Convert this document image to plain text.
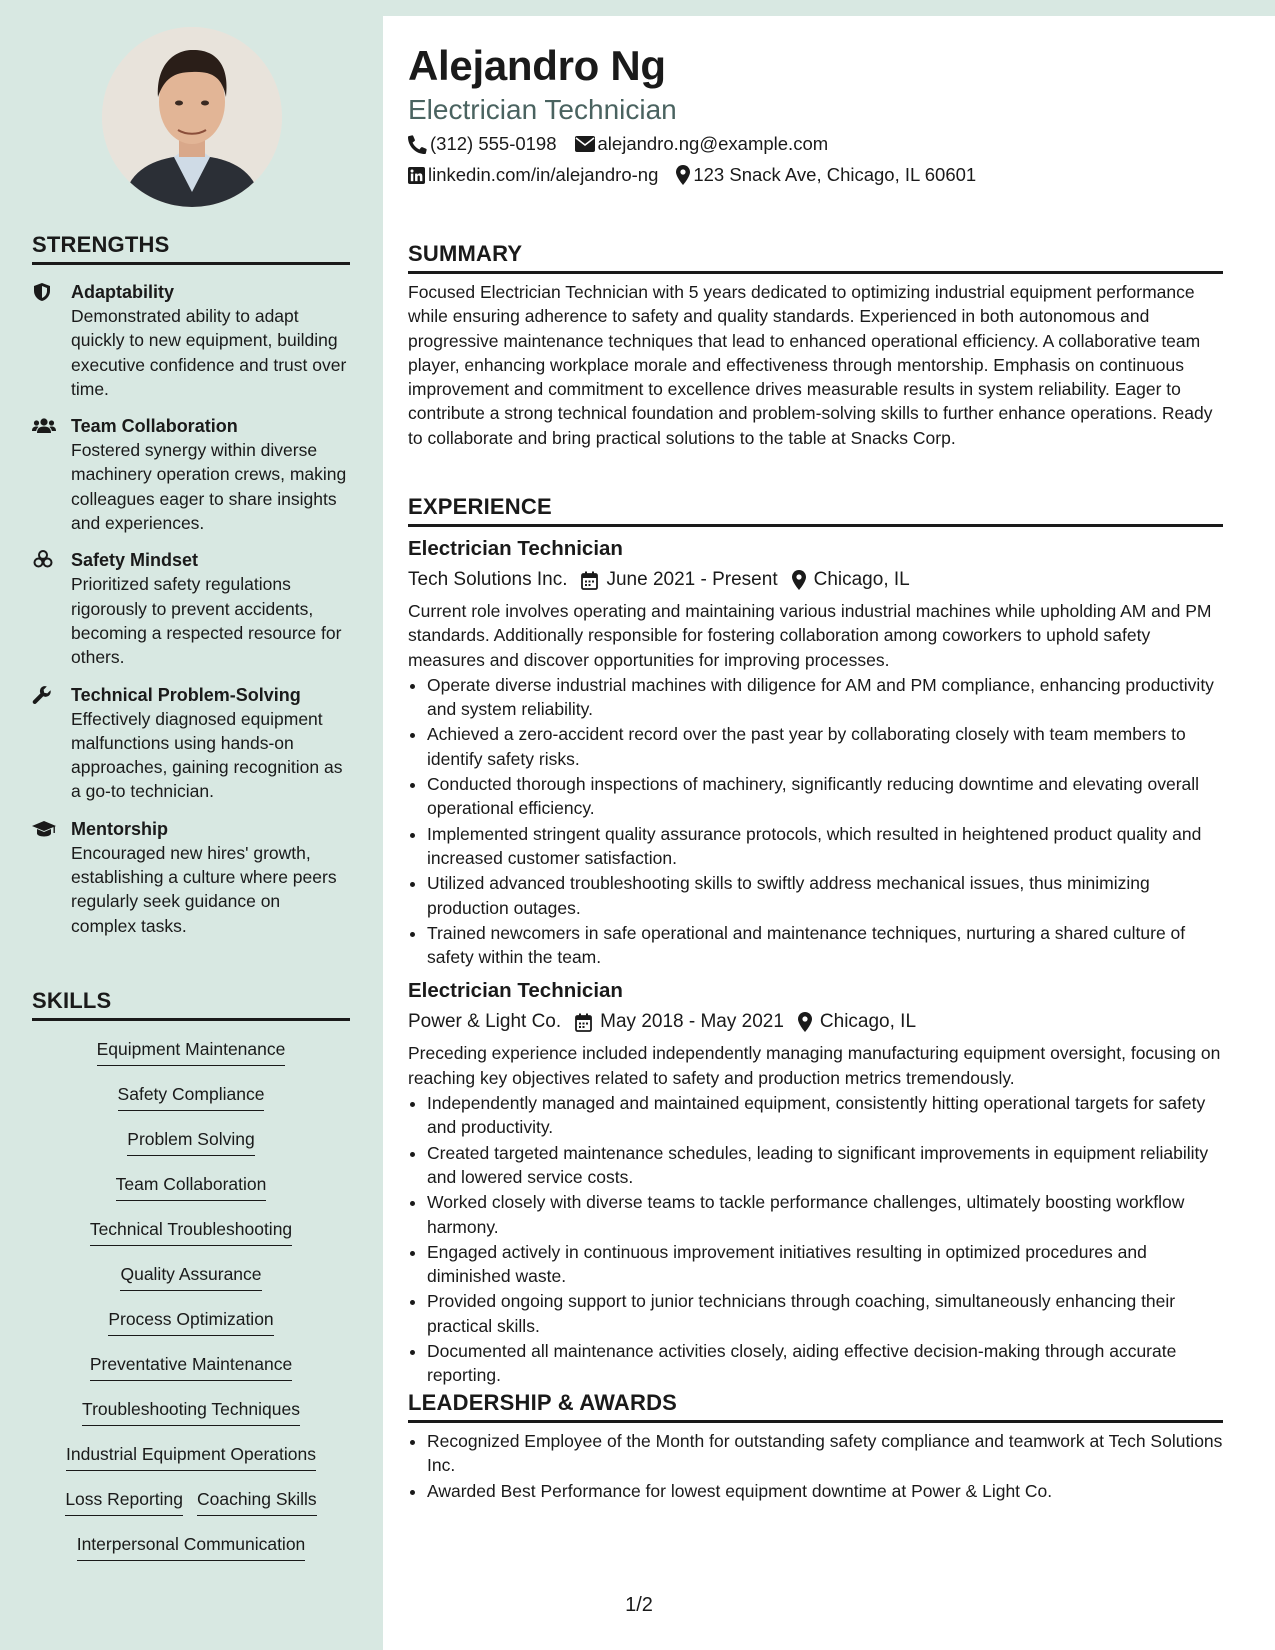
STRENGTHS
Adaptability
Demonstrated ability to adapt quickly to new equipment, building executive confidence and trust over time.
Team Collaboration
Fostered synergy within diverse machinery operation crews, making colleagues eager to share insights and experiences.
Safety Mindset
Prioritized safety regulations rigorously to prevent accidents, becoming a respected resource for others.
Technical Problem-Solving
Effectively diagnosed equipment malfunctions using hands-on approaches, gaining recognition as a go-to technician.
Mentorship
Encouraged new hires' growth, establishing a culture where peers regularly seek guidance on complex tasks.
SKILLS
Equipment Maintenance
Safety Compliance
Problem Solving
Team Collaboration
Technical Troubleshooting
Quality Assurance
Process Optimization
Preventative Maintenance
Troubleshooting Techniques
Industrial Equipment Operations
Loss Reporting Coaching Skills
Interpersonal Communication
Alejandro Ng
Electrician Technician
(312) 555-0198 alejandro.ng@example.com
linkedin.com/in/alejandro-ng 123 Snack Ave, Chicago, IL 60601
SUMMARY

Focused Electrician Technician with 5 years dedicated to optimizing industrial equipment performance while ensuring adherence to safety and quality standards. Experienced in both autonomous and progressive maintenance techniques that lead to enhanced operational efficiency. A collaborative team player, enhancing workplace morale and effectiveness through mentorship. Emphasis on continuous improvement and commitment to excellence drives measurable results in system reliability. Eager to contribute a strong technical foundation and problem-solving skills to further enhance operations. Ready to collaborate and bring practical solutions to the table at Snacks Corp.

EXPERIENCE
Electrician Technician
Tech Solutions Inc. June 2021 - Present Chicago, IL

Current role involves operating and maintaining various industrial machines while upholding AM and PM standards. Additionally responsible for fostering collaboration among coworkers to uphold safety measures and discover opportunities for improving processes.

• Operate diverse industrial machines with diligence for AM and PM compliance, enhancing productivity and system reliability.
• Achieved a zero-accident record over the past year by collaborating closely with team members to identify safety risks.
• Conducted thorough inspections of machinery, significantly reducing downtime and elevating overall operational efficiency.
• Implemented stringent quality assurance protocols, which resulted in heightened product quality and increased customer satisfaction.
• Utilized advanced troubleshooting skills to swiftly address mechanical issues, thus minimizing production outages.
• Trained newcomers in safe operational and maintenance techniques, nurturing a shared culture of safety within the team.
Electrician Technician
Power & Light Co. May 2018 - May 2021 Chicago, IL

Preceding experience included independently managing manufacturing equipment oversight, focusing on reaching key objectives related to safety and production metrics tremendously.

• Independently managed and maintained equipment, consistently hitting operational targets for safety and productivity.
• Created targeted maintenance schedules, leading to significant improvements in equipment reliability and lowered service costs.
• Worked closely with diverse teams to tackle performance challenges, ultimately boosting workflow harmony.
• Engaged actively in continuous improvement initiatives resulting in optimized procedures and diminished waste.
• Provided ongoing support to junior technicians through coaching, simultaneously enhancing their practical skills.
• Documented all maintenance activities closely, aiding effective decision-making through accurate reporting.
LEADERSHIP & AWARDS
• Recognized Employee of the Month for outstanding safety compliance and teamwork at Tech Solutions Inc.
• Awarded Best Performance for lowest equipment downtime at Power & Light Co.
1/2
